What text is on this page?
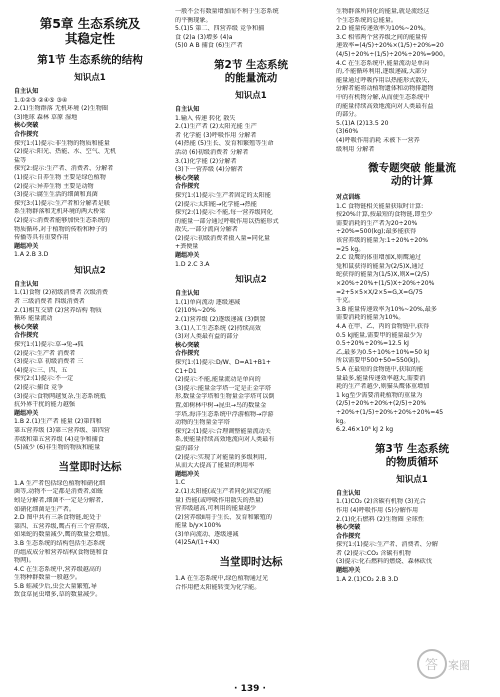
第5章 生态系统及
其稳定性
第1节 生态系统的结构
知识点1
自主认知
1.①②③ ②④⑤ ③④
2.(1)生物群落 无机环境 (2)生物圈
(3)地球 森林 草原 湿地
核心突破
合作探究
探究1:(1)提示:非生物的物质和能量
(2)提示:阳光、热能、水、空气、无机
盐等
探究2:提示:生产者、消费者、分解者
(1)提示:自养生物 主要是绿色植物
(2)提示:异养生物 主要是动物
(3)提示:腐生生活的细菌和真菌
探究3:(1)提示:生产者和分解者是联
系生物群落和无机环境的两大桥梁
(2)提示:消费者能够加快生态系统的
物质循环,对于植物的传粉和种子的
传播等具有重要作用
题组冲关
1.A 2.B 3.D
知识点2
自主认知
1.(1)食物 (2)初级消费者 次级消费
者 三级消费者 四级消费者
2.(1)相互交错 (2)营养结构 物质
循环 能量流动
核心突破
合作探究
探究1:(1)提示:草→兔→狐
(2)提示:生产者 消费者
(3)提示:草 初级消费者 三
(4)提示:三、四、五
探究2:(1)提示:不一定
(2)提示:捕食 竞争
(3)提示:食物网越复杂,生态系统抵
抗外界干扰的能力越强
题组冲关
1.B 2.(1)生产者 能量 (2)第四和
第五营养级 (3)第三营养级、第四营
养级和第五营养级 (4)竞争和捕食
(5)减少 (6)非生物的物质和能量
当堂即时达标
1.A 生产者包括绿色植物和硝化细
菌等,动物不一定都是消费者,如蚯
蚓是分解者,细菌不一定是分解者,
如硝化细菌是生产者。
2.D 图中共有三条食物链,蛇处于
第四、五营养级,鹰占有三个营养级,
如果蛇的数量减少,鹰的数量会增加。
3.B 生态系统的结构包括生态系统
的组成成分和营养结构(食物链和食
物网)。
4.C 在生态系统中,营养级越高的
生物种群数量一般越少。
5.B 蛙减少后,虫会大量繁殖,导
致食草昆虫增多,草的数量减少。
一般不会有数量增加而不利于生态系统
的平衡现象。
5.(1)5 第二、四营养级 竞争和捕
食 (2)a (3)增多 (4)a
(5)0 A B 捕食 (6)生产者
第2节 生态系统
的能量流动
知识点1
自主认知
1.输入 传递 转化 散失
2.(1)生产者 (2)太阳光能 生产
者 化学能 (3)呼吸作用 分解者
(4)热能 (5)生长、发育和繁殖等生命
活动 (6)初级消费者 分解者
3.(1)化学能 (2)分解者
(3)下一营养级 (4)分解者
核心突破
合作探究
探究1:(1)提示:生产者固定的太阳能
(2)提示:太阳能→化学能→热能
探究2:(1)提示:不能,每一营养级同化
的能量一部分通过呼吸作用以热能形式
散失,一部分流向分解者
(2)提示:初级消费者摄入量=同化量
+粪便量
题组冲关
1.D 2.C 3.A
知识点2
自主认知
1.(1)单向流动 逐级递减
(2)10%~20%
2.(1)营养级 (2)逐级递减 (3)倒置
3.(1)人工生态系统 (2)持续高效
(3)对人类最有益的部分
核心突破
合作探究
探究1:(1)提示:D/W、D=A1+B1+
C1+D1
(2)提示:不能,能量流动是单向的
(3)提示:能量金字塔一定是正金字塔
形,数量金字塔和生物量金字塔可以倒
置,如树林中树→昆虫→鸟的数量金
字塔,海洋生态系统中浮游植物→浮游
动物的生物量金字塔
探究2:(1)提示:合理调整能量流动关
系,使能量持续高效地流向对人类最有
益的部分
(2)提示:实现了对能量的多级利用,
从而大大提高了能量的利用率
题组冲关
1.C
2.(1)太阳能(或生产者同化固定的能
量) 热能(或呼吸作用散失的热量)
营养级越高,可利用的能量越少
(2)营养级Ⅱ用于生长、发育和繁殖的
能量 b/y×100%
(3)单向流动、逐级递减
(4)25A/(1+4X)
当堂即时达标
1.A 在生态系统中,绿色植物通过光
合作用把太阳能转变为化学能。
生物群落所同化的能量,就是流经这
个生态系统的总能量。
2.D 能量传递效率为10%~20%。
3.C 相邻两个营养级之间的能量传
递效率=(4/5)÷20%×(1/5)÷20%=20
(4/5)÷20%÷(1/5)÷20%÷20%=900。
4.C 在生态系统中,能量流动是单向
的,不能循环利用,逐级递减,大部分
能量通过呼吸作用以热能形式散失,
分解者能将动植物遗体和动物排遗物
中的有机物分解,从而使生态系统中
的能量持续高效地流向对人类最有益
的部分。
5.(1)A (2)13.5 20
(3)60%
(4)呼吸作用消耗 未被下一营养
级利用 分解者
微专题突破 能量流
动的计算
对点训练
1.C 食物链相关能量获取时计算:
按20%计算,按最短的食物链,即至少
需要消耗的生产者为20÷20%
÷20%=500(kg);最多能获得
该营养级的能量为:1÷20%÷20%
=25 kg。
2.C 设鹰的体重增加X,则鹰通过
兔和鼠获得的能量为(2/5)X,通过
蛇获得的能量为(1/5)X,则X=(2/5)
×20%÷20%+(1/5)X÷20%÷20%
=2+5×5×X/2×5=G,X=G/75
千克。
3.B 能量传递效率为10%~20%,最多
需要消耗的能量为10%。
4.A 在甲、乙、丙的食物链中,获得
0.5 kJ能量,需要甲的能量最少为
0.5÷20%÷20%=12.5 kJ
乙,最多为0.5÷10%÷10%=50 kJ
所以需要甲500+50=550(kJ)。
5.A 在最短的食物链中,获取的能
量最多,能量传递效率越大,需要消
耗的生产者越少,则猫头鹰体重增加
1 kg至少需要消耗植物的重量为
(2/5)÷20%÷20%+(2/5)÷20%
÷20%+(1/5)÷20%÷20%÷20%=45
kg。
6.2.46×10⁸ kJ 2 kg
第3节 生态系统
的物质循环
知识点1
自主认知
1.(1)CO₂ (2)含碳有机物 (3)光合
作用 (4)呼吸作用 (5)分解作用
2.(1)化石燃料 (2)生物圈 全球性
核心突破
合作探究
探究1:(1)提示:生产者、消费者、分解
者 (2)提示:CO₂ 含碳有机物
(3)提示:化石燃料的燃烧、森林砍伐
题组冲关
1.A 2.(1)CO₂ 2.B 3.D
答 案圈
· 139 ·
